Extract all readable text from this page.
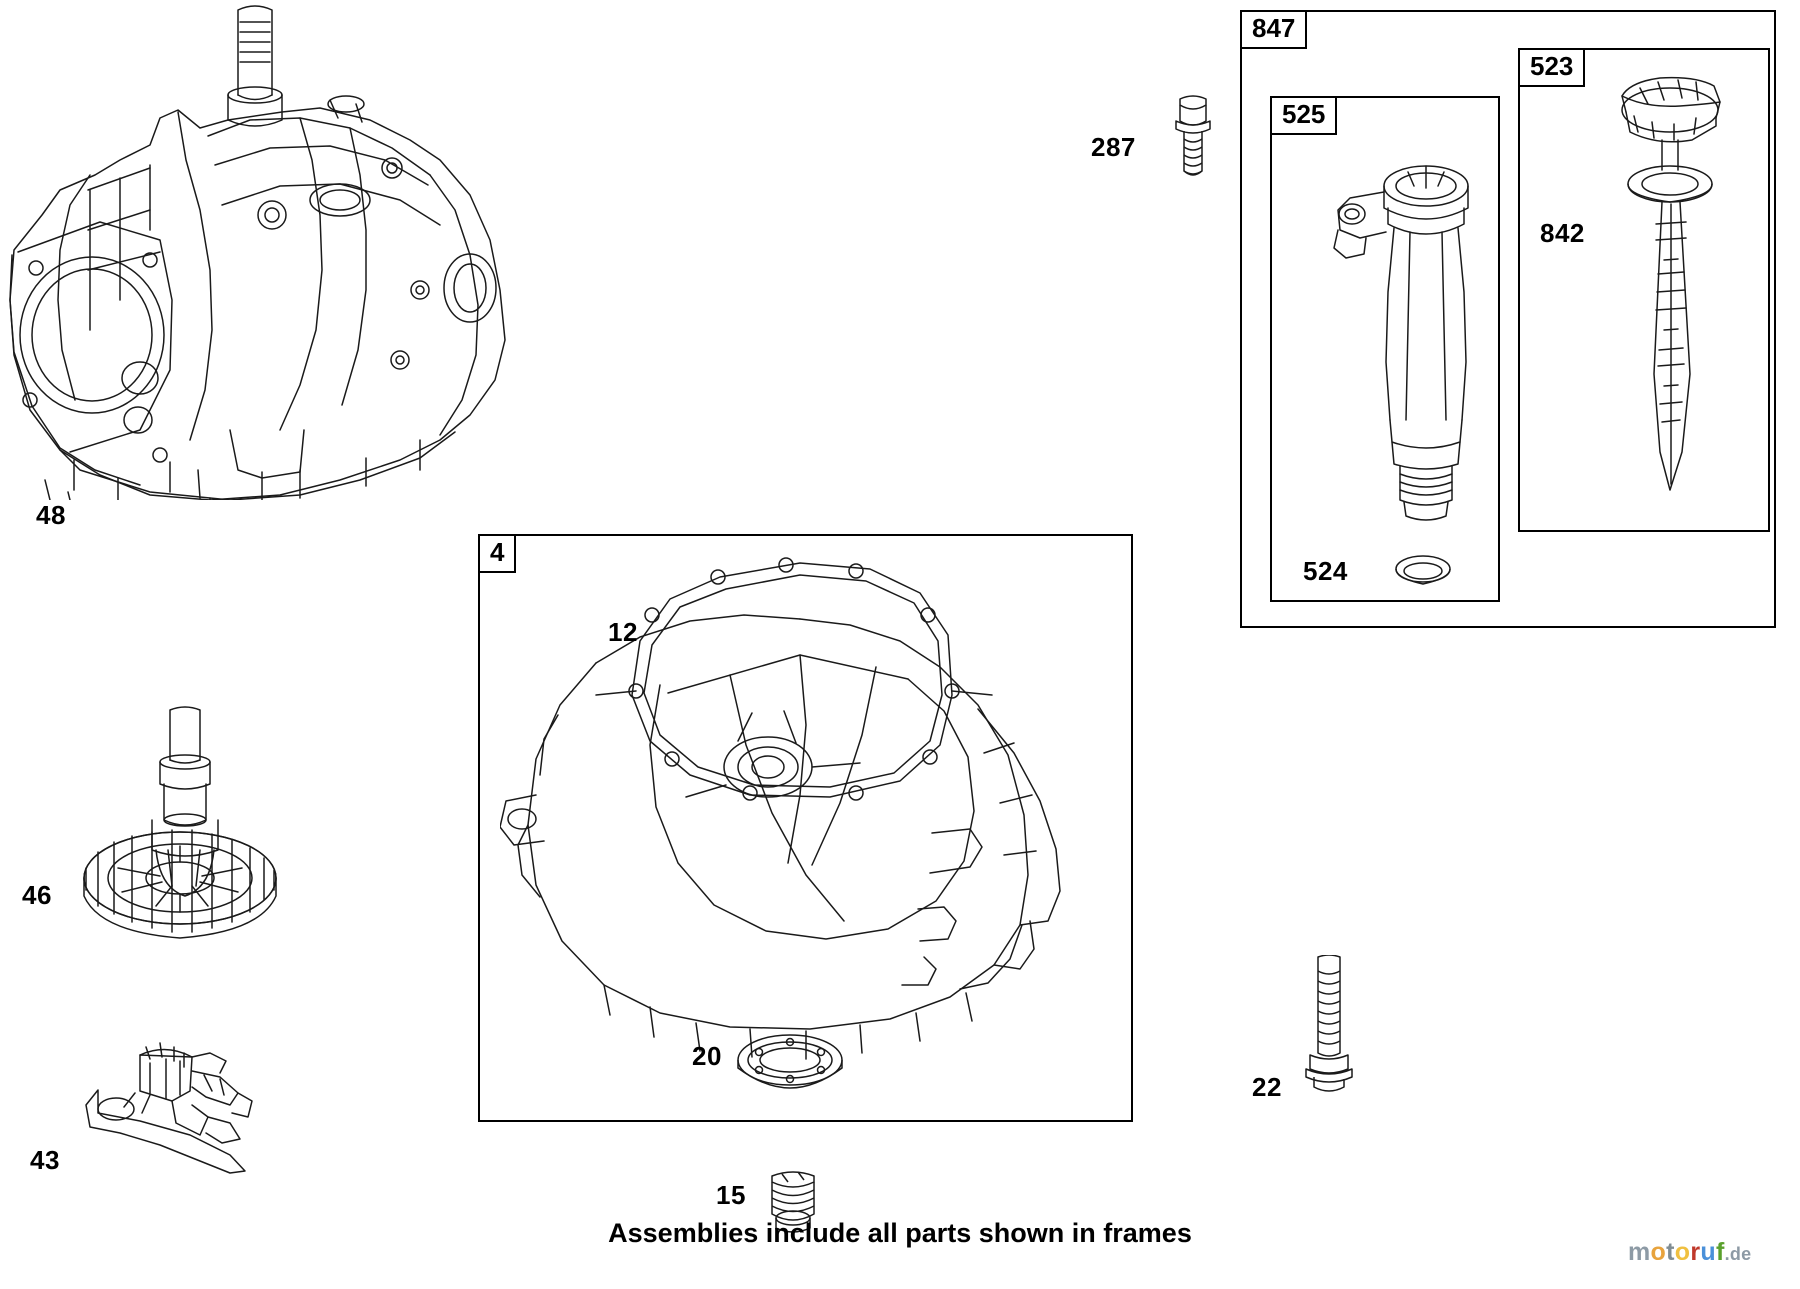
48
46
43
4
12
20
15
287
22
847
525
524
523
842
Assemblies include all parts shown in frames
motoruf.de
